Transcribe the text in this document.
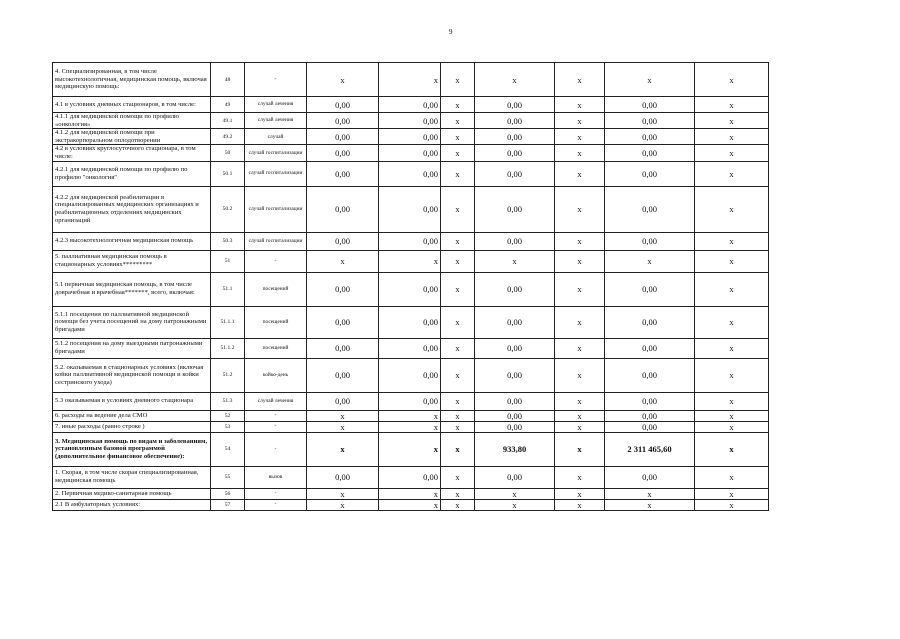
9
4. Специализированная, в том числе высокотехнологичная, медицинская помощь, включая медицинскую помощь:	48	-	х	х	х	х	х	х	х
4.1 в условиях дневных стационаров, в том числе:	49	случай лечения	0,00	0,00	х	0,00	х	0,00	х
4.1.1 для медицинской помощи по профилю «онкология»	49.1	случай лечения	0,00	0,00	х	0,00	х	0,00	х
4.1.2 для медицинской помощи при экстракорпоральном оплодотворении	49.2	случай	0,00	0,00	х	0,00	х	0,00	х
4.2 в условиях круглосуточного стационара, в том числе:	50	случай госпитализации	0,00	0,00	х	0,00	х	0,00	х
4.2.1 для медицинской помощи по профилю по профилю "онкология"	50.1	случай госпитализации	0,00	0,00	х	0,00	х	0,00	х
4.2.2 для медицинской реабилитации в специализированных медицинских организациях и реабилитационных отделениях медицинских организаций	50.2	случай госпитализации	0,00	0,00	х	0,00	х	0,00	х
4.2.3 высокотехнологичная медицинская помощь	50.3	случай госпитализации	0,00	0,00	х	0,00	х	0,00	х
5. паллиативная медицинская помощь в стационарных условиях*********	51	-	х	х	х	х	х	х	х
5.1 первичная медицинская помощь, в том числе доврачебная и врачебная*******, всего, включая:	51.1	посещений	0,00	0,00	х	0,00	х	0,00	х
5.1.1 посещения по паллиативной медицинской помощи без учета посещений на дому патронажными бригадами	51.1.1	посещений	0,00	0,00	х	0,00	х	0,00	х
5.1.2 посещения на дому выездными патронажными бригадами	51.1.2	посещений	0,00	0,00	х	0,00	х	0,00	х
5.2. оказываемая в стационарных условиях (включая койки паллиативной медицинской помощи и койки сестринского ухода)	51.2	койко-день	0,00	0,00	х	0,00	х	0,00	х
5.3 оказываемая в условиях дневного стационара	51.3	случай лечения	0,00	0,00	х	0,00	х	0,00	х
6. расходы на ведение дела СМО	52	-	х	х	х	0,00	х	0,00	х
7. иные расходы (равно строке )	53	-	х	х	х	0,00	х	0,00	х
3. Медицинская помощь по видам и заболеваниям, установленным базовой программой (дополнительное финансовое обеспечение):	54	-	х	х	х	933,80	х	2 311 465,60	х
1. Скорая, в том числе скорая специализированная, медицинская помощь	55	вызов	0,00	0,00	х	0,00	х	0,00	х
2. Первичная медико-санитарная помощь	56	-	х	х	х	х	х	х	х
2.1 В амбулаторных условиях:	57	-	х	х	х	х	х	х	х
